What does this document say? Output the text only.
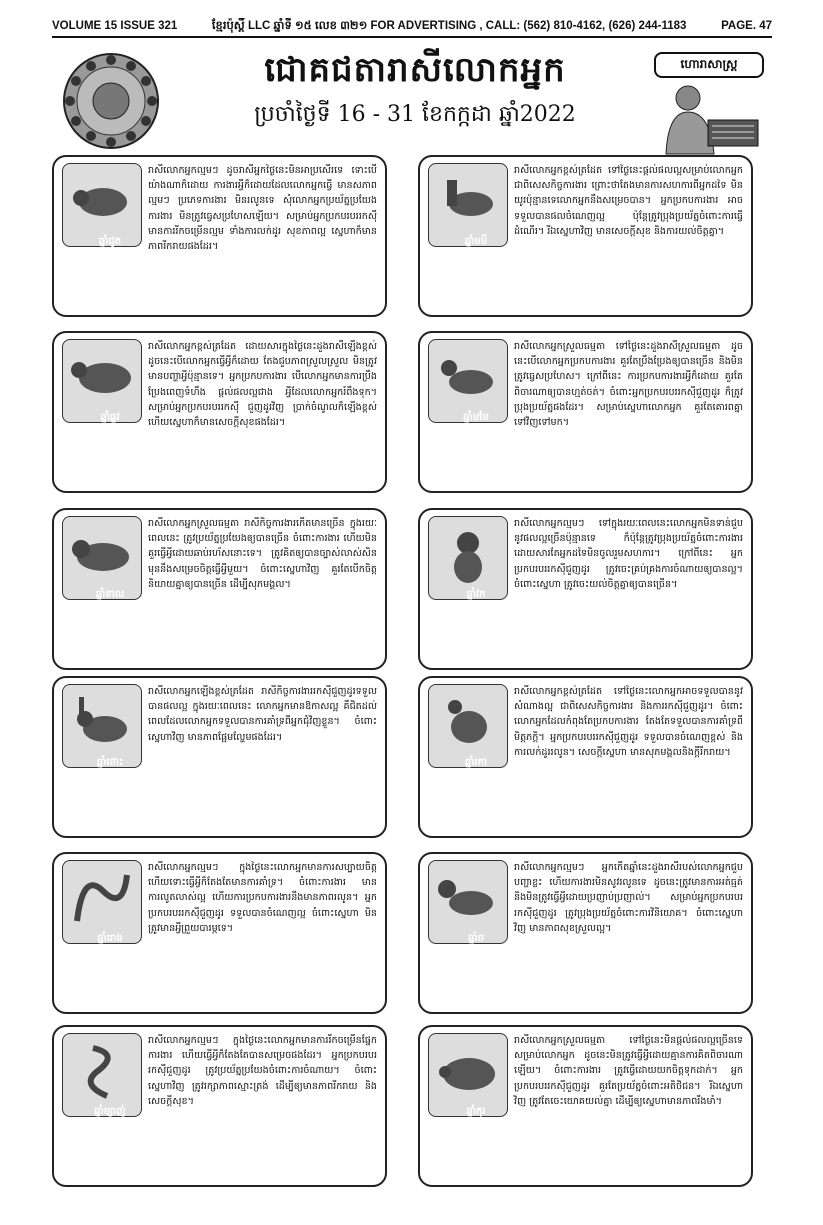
VOLUME 15 ISSUE 321	ខ្មែរប៉ុស្តិ៍ LLC ឆ្នាំទី ១៥ លេខ ៣២១ FOR ADVERTISING , CALL: (562) 810-4162, (626) 244-1183	PAGE. 47
ជោគជតារាសីលោកអ្នក
ប្រចាំថ្ងៃទី 16 - 31 ខែកក្កដា ឆ្នាំ2022
ហោរាសាស្ត្រ
ឆ្នាំជូត
រាសីលោកអ្នកល្មមៗ ដូចរាសីអ្នកថ្ងៃនេះមិនអាប្រសើរទេ ទោះបើយ៉ាងណាក៏ដោយ ការងារអ្វីក៏ដោយដែលលោកអ្នកធ្វើ មានសភាពល្មមៗ ប្រភេទការងារ មិនរលូនទេ សុំលោកអ្នកប្រយ័ត្នប្រយែងការងារ មិនត្រូវធ្វេសប្រហែសឡើយ។ សម្រាប់អ្នកប្រកបរបររកស៊ី មានការរីកចម្រើនល្មម ទាំងការលក់ដូរ សុខភាពល្អ ស្នេហាក៏មានភាពរីករាយផងដែរ។
ឆ្នាំឆ្លូវ
រាសីលោកអ្នកខ្ពស់ត្រដែត ដោយសារក្នុងថ្ងៃនេះដួងរាសីឡើងខ្ពស់ ដូចនេះបើលោកអ្នកធ្វើអ្វីក៏ដោយ តែងជួបភាពស្រួលស្រួល មិនត្រូវមានបញ្ហាអ្វីប៉ុន្មានទេ។ អ្នកប្រកបការងារ បើលោកអ្នកមានការប្រឹងប្រែងពេញទំហឹង ផ្ដល់ផលល្អជាង អ្វីដែលលោកអ្នករំពឹងទុក។ សម្រាប់អ្នកប្រកបរបររកស៊ី ជួញដូរវិញ ប្រាក់ចំណូលក៏ឡើងខ្ពស់ ហើយស្នេហាក៏មានសេចក្តីសុខផងដែរ។
ឆ្នាំខាល
រាសីលោកអ្នកស្រួលធម្មតា រាសីកិច្ចការងារកើតមានច្រើន ក្នុងរយៈពេលនេះ ត្រូវប្រយ័ត្នប្រយែងឲ្យបានច្រើន ចំពោះការងារ ហើយមិនគួរធ្វើអ្វីដោយឆាប់រហ័សនោះទេ។ ត្រូវគិតឲ្យបានច្បាស់លាស់សិនមុននឹងសម្រេចចិត្តធ្វើអ្វីមួយ។ ចំពោះស្នេហាវិញ គួរតែបើកចិត្តនិយាយគ្នាឲ្យបានច្រើន ដើម្បីសុភមង្គល។
ឆ្នាំថោះ
រាសីលោកអ្នកឡើងខ្ពស់ត្រដែត រាសីកិច្ចការងាររកស៊ីជួញដូរទទួលបានផលល្អ ក្នុងរយៈពេលនេះ លោកអ្នកមានឱកាសល្អ គឺជិតដល់ពេលដែលលោកអ្នកទទួលបានការគាំទ្រពីអ្នកជុំវិញខ្លួន។ ចំពោះស្នេហាវិញ មានភាពផ្អែមល្ហែមផងដែរ។
ឆ្នាំរោង
រាសីលោកអ្នកល្មមៗ ក្នុងថ្ងៃនេះលោកអ្នកមានការសប្បាយចិត្ត ហើយទោះធ្វើអ្វីក៏តែងតែមានការគាំទ្រ។ ចំពោះការងារ មានការលូតលាស់ល្អ ហើយការប្រកបការងារនឹងមានភាពរលូន។ អ្នកប្រកបរបររកស៊ីជួញដូរ ទទួលបានចំណេញល្អ ចំពោះស្នេហា មិនត្រូវមានអ្វីព្រួយបារម្ភទេ។
ឆ្នាំម្សាញ់
រាសីលោកអ្នកល្មមៗ ក្នុងថ្ងៃនេះលោកអ្នកមានការរីកចម្រើនផ្នែកការងារ ហើយធ្វើអ្វីក៏តែងតែបានសម្រេចផងដែរ។ អ្នកប្រកបរបររកស៊ីជួញដូរ ត្រូវប្រយ័ត្នប្រយែងចំពោះការចំណាយ។ ចំពោះស្នេហាវិញ ត្រូវរក្សាភាពស្មោះត្រង់ ដើម្បីឲ្យមានភាពរីករាយ និងសេចក្តីសុខ។
ឆ្នាំមមី
រាសីលោកអ្នកខ្ពស់ត្រដែត ទៅថ្ងៃនេះផ្តល់ផលល្អសម្រាប់លោកអ្នក ជាពិសេសកិច្ចការងារ ព្រោះថាតែងមានការសហការពីអ្នកដទៃ មិនយូរប៉ុន្មានទេលោកអ្នកនឹងសម្រេចបាន។ អ្នកប្រកបការងារ អាចទទួលបានផលចំណេញល្អ ប៉ុន្តែត្រូវប្រុងប្រយ័ត្នចំពោះការធ្វើដំណើរ។ រីឯស្នេហាវិញ មានសេចក្តីសុខ និងការយល់ចិត្តគ្នា។
ឆ្នាំមមែ
រាសីលោកអ្នកស្រួលធម្មតា ទៅថ្ងៃនេះដួងរាសីស្រួលធម្មតា ដូចនេះបើលោកអ្នកប្រកបការងារ គួរតែប្រឹងប្រែងឲ្យបានច្រើន និងមិនត្រូវធ្វេសប្រហែស។ ក្រៅពីនេះ ការប្រកបការងារអ្វីក៏ដោយ គួរតែពិចារណាឲ្យបានហ្មត់ចត់។ ចំពោះអ្នកប្រកបរបររកស៊ីជួញដូរ ក៏ត្រូវប្រុងប្រយ័ត្នផងដែរ។ សម្រាប់ស្នេហាលោកអ្នក គួរតែគោរពគ្នាទៅវិញទៅមក។
ឆ្នាំវក
រាសីលោកអ្នកល្មមៗ ទៅក្នុងរយៈពេលនេះលោកអ្នកមិនទាន់ជួបនូវផលល្អច្រើនប៉ុន្មានទេ ក៏ប៉ុន្តែត្រូវប្រុងប្រយ័ត្នចំពោះការងារ ដោយសារតែអ្នកដទៃមិនចូលរួមសហការ។ ក្រៅពីនេះ អ្នកប្រកបរបររកស៊ីជួញដូរ ត្រូវចេះគ្រប់គ្រងការចំណាយឲ្យបានល្អ។ ចំពោះស្នេហា ត្រូវចេះយល់ចិត្តគ្នាឲ្យបានច្រើន។
ឆ្នាំរកា
រាសីលោកអ្នកខ្ពស់ត្រដែត ទៅថ្ងៃនេះលោកអ្នកអាចទទួលបាននូវសំណាងល្អ ជាពិសេសកិច្ចការងារ និងការរកស៊ីជួញដូរ។ ចំពោះលោកអ្នកដែលកំពុងតែប្រកបការងារ តែងតែទទួលបានការគាំទ្រពីមិត្តភក្តិ។ អ្នកប្រកបរបររកស៊ីជួញដូរ ទទួលបានចំណេញខ្ពស់ និងការលក់ដូររលូន។ សេចក្តីស្នេហា មានសុភមង្គលនិងក្តីរីករាយ។
ឆ្នាំច
រាសីលោកអ្នកល្មមៗ អ្នកកើតឆ្នាំនេះដួងរាសីរបស់លោកអ្នកជួបបញ្ហាខ្លះ ហើយការងារមិនសូវរលូនទេ ដូចនេះត្រូវមានការអត់ធ្មត់ និងមិនត្រូវធ្វើអ្វីដោយប្រញាប់ប្រញាល់។ សម្រាប់អ្នកប្រកបរបររកស៊ីជួញដូរ ត្រូវប្រុងប្រយ័ត្នចំពោះការវិនិយោគ។ ចំពោះស្នេហាវិញ មានភាពសុខស្រួលល្អ។
ឆ្នាំកុរ
រាសីលោកអ្នកស្រួលធម្មតា ទៅថ្ងៃនេះមិនផ្តល់ផលល្អច្រើនទេ សម្រាប់លោកអ្នក ដូចនេះមិនត្រូវធ្វើអ្វីដោយគ្មានការគិតពិចារណាឡើយ។ ចំពោះការងារ ត្រូវធ្វើដោយយកចិត្តទុកដាក់។ អ្នកប្រកបរបររកស៊ីជួញដូរ គួរតែប្រយ័ត្នចំពោះអតិថិជន។ រីឯស្នេហាវិញ ត្រូវតែចេះយោគយល់គ្នា ដើម្បីឲ្យស្នេហាមានភាពរឹងមាំ។
